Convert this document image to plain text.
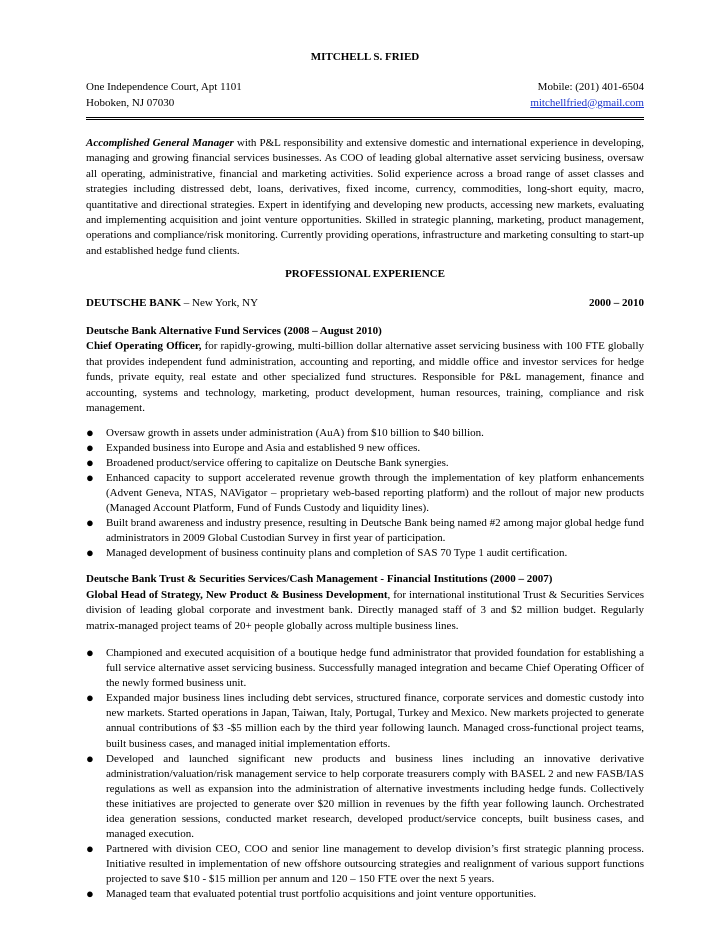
MITCHELL S. FRIED
One Independence Court, Apt 1101
Hoboken, NJ 07030
Mobile: (201) 401-6504
mitchellfried@gmail.com
Accomplished General Manager with P&L responsibility and extensive domestic and international experience in developing, managing and growing financial services businesses. As COO of leading global alternative asset servicing business, oversaw all operating, administrative, financial and marketing activities. Solid experience across a broad range of asset classes and strategies including distressed debt, loans, derivatives, fixed income, currency, commodities, long-short equity, macro, quantitative and directional strategies. Expert in identifying and developing new products, accessing new markets, evaluating and implementing acquisition and joint venture opportunities. Skilled in strategic planning, marketing, product management, operations and compliance/risk monitoring. Currently providing operations, infrastructure and marketing consulting to start-up and established hedge fund clients.
PROFESSIONAL EXPERIENCE
DEUTSCHE BANK – New York, NY	2000 – 2010
Deutsche Bank Alternative Fund Services (2008 – August 2010)
Chief Operating Officer, for rapidly-growing, multi-billion dollar alternative asset servicing business with 100 FTE globally that provides independent fund administration, accounting and reporting, and middle office and investor services for hedge funds, private equity, real estate and other specialized fund structures. Responsible for P&L management, finance and accounting, systems and technology, marketing, product development, human resources, training, compliance and risk management.
● Oversaw growth in assets under administration (AuA) from $10 billion to $40 billion.
● Expanded business into Europe and Asia and established 9 new offices.
● Broadened product/service offering to capitalize on Deutsche Bank synergies.
● Enhanced capacity to support accelerated revenue growth through the implementation of key platform enhancements (Advent Geneva, NTAS, NAVigator – proprietary web-based reporting platform) and the rollout of major new products (Managed Account Platform, Fund of Funds Custody and liquidity lines).
● Built brand awareness and industry presence, resulting in Deutsche Bank being named #2 among major global hedge fund administrators in 2009 Global Custodian Survey in first year of participation.
● Managed development of business continuity plans and completion of SAS 70 Type 1 audit certification.
Deutsche Bank Trust & Securities Services/Cash Management - Financial Institutions (2000 – 2007)
Global Head of Strategy, New Product & Business Development, for international institutional Trust & Securities Services division of leading global corporate and investment bank. Directly managed staff of 3 and $2 million budget. Regularly matrix-managed project teams of 20+ people globally across multiple business lines.
● Championed and executed acquisition of a boutique hedge fund administrator that provided foundation for establishing a full service alternative asset servicing business. Successfully managed integration and became Chief Operating Officer of the newly formed business unit.
● Expanded major business lines including debt services, structured finance, corporate services and domestic custody into new markets. Started operations in Japan, Taiwan, Italy, Portugal, Turkey and Mexico. New markets projected to generate annual contributions of $3 -$5 million each by the third year following launch. Managed cross-functional project teams, built business cases, and managed initial implementation efforts.
● Developed and launched significant new products and business lines including an innovative derivative administration/valuation/risk management service to help corporate treasurers comply with BASEL 2 and new FASB/IAS regulations as well as expansion into the administration of alternative investments including hedge funds. Collectively these initiatives are projected to generate over $20 million in revenues by the fifth year following launch. Orchestrated idea generation sessions, conducted market research, developed product/service concepts, built business cases, and managed execution.
● Partnered with division CEO, COO and senior line management to develop division’s first strategic planning process. Initiative resulted in implementation of new offshore outsourcing strategies and realignment of various support functions projected to save $10 - $15 million per annum and 120 – 150 FTE over the next 5 years.
● Managed team that evaluated potential trust portfolio acquisitions and joint venture opportunities.
